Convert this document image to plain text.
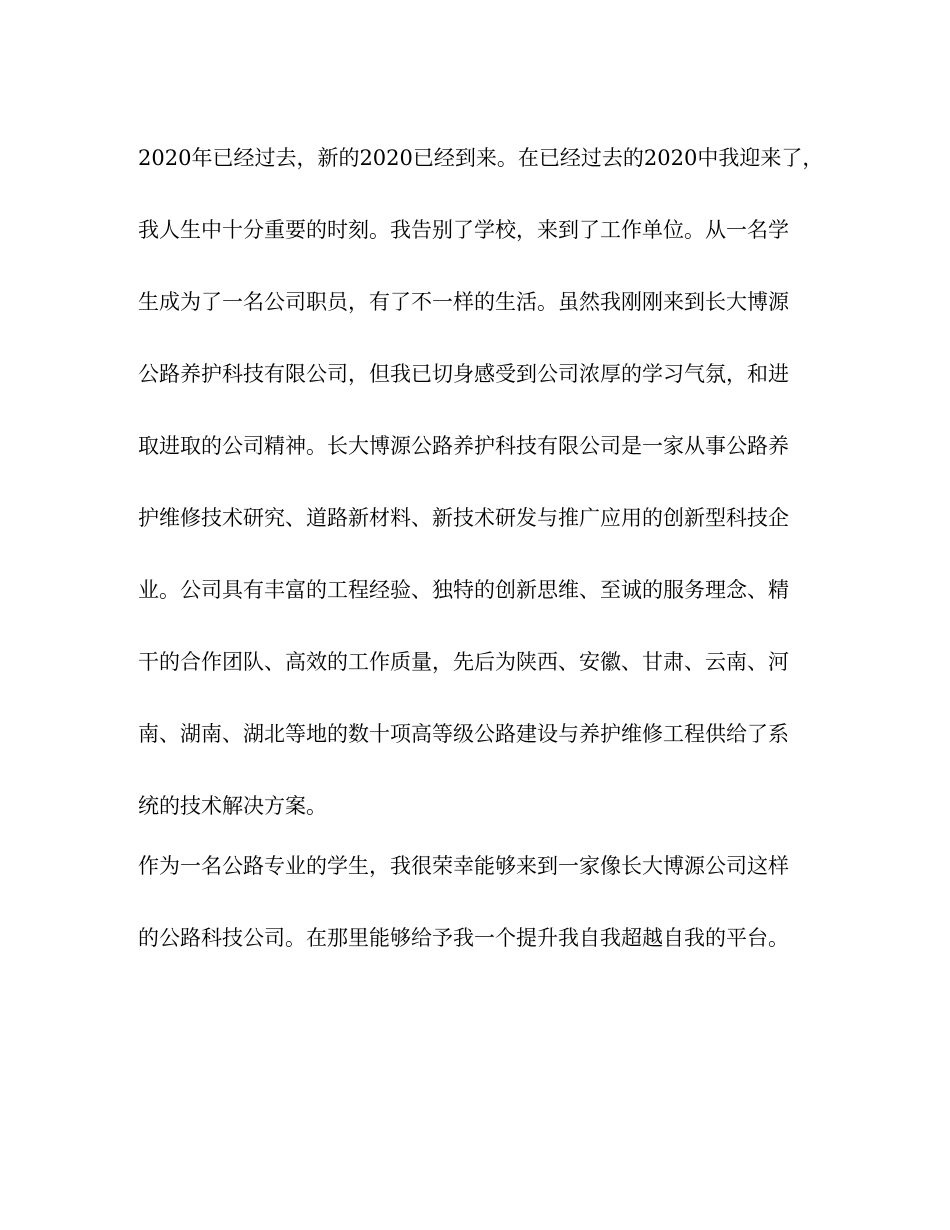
2020年已经过去，新的2020已经到来。在已经过去的2020中我迎来了，
我人生中十分重要的时刻。我告别了学校，来到了工作单位。从一名学
生成为了一名公司职员，有了不一样的生活。虽然我刚刚来到长大博源
公路养护科技有限公司，但我已切身感受到公司浓厚的学习气氛，和进
取进取的公司精神。长大博源公路养护科技有限公司是一家从事公路养
护维修技术研究、道路新材料、新技术研发与推广应用的创新型科技企
业。公司具有丰富的工程经验、独特的创新思维、至诚的服务理念、精
干的合作团队、高效的工作质量，先后为陕西、安徽、甘肃、云南、河
南、湖南、湖北等地的数十项高等级公路建设与养护维修工程供给了系
统的技术解决方案。
作为一名公路专业的学生，我很荣幸能够来到一家像长大博源公司这样
的公路科技公司。在那里能够给予我一个提升我自我超越自我的平台。
